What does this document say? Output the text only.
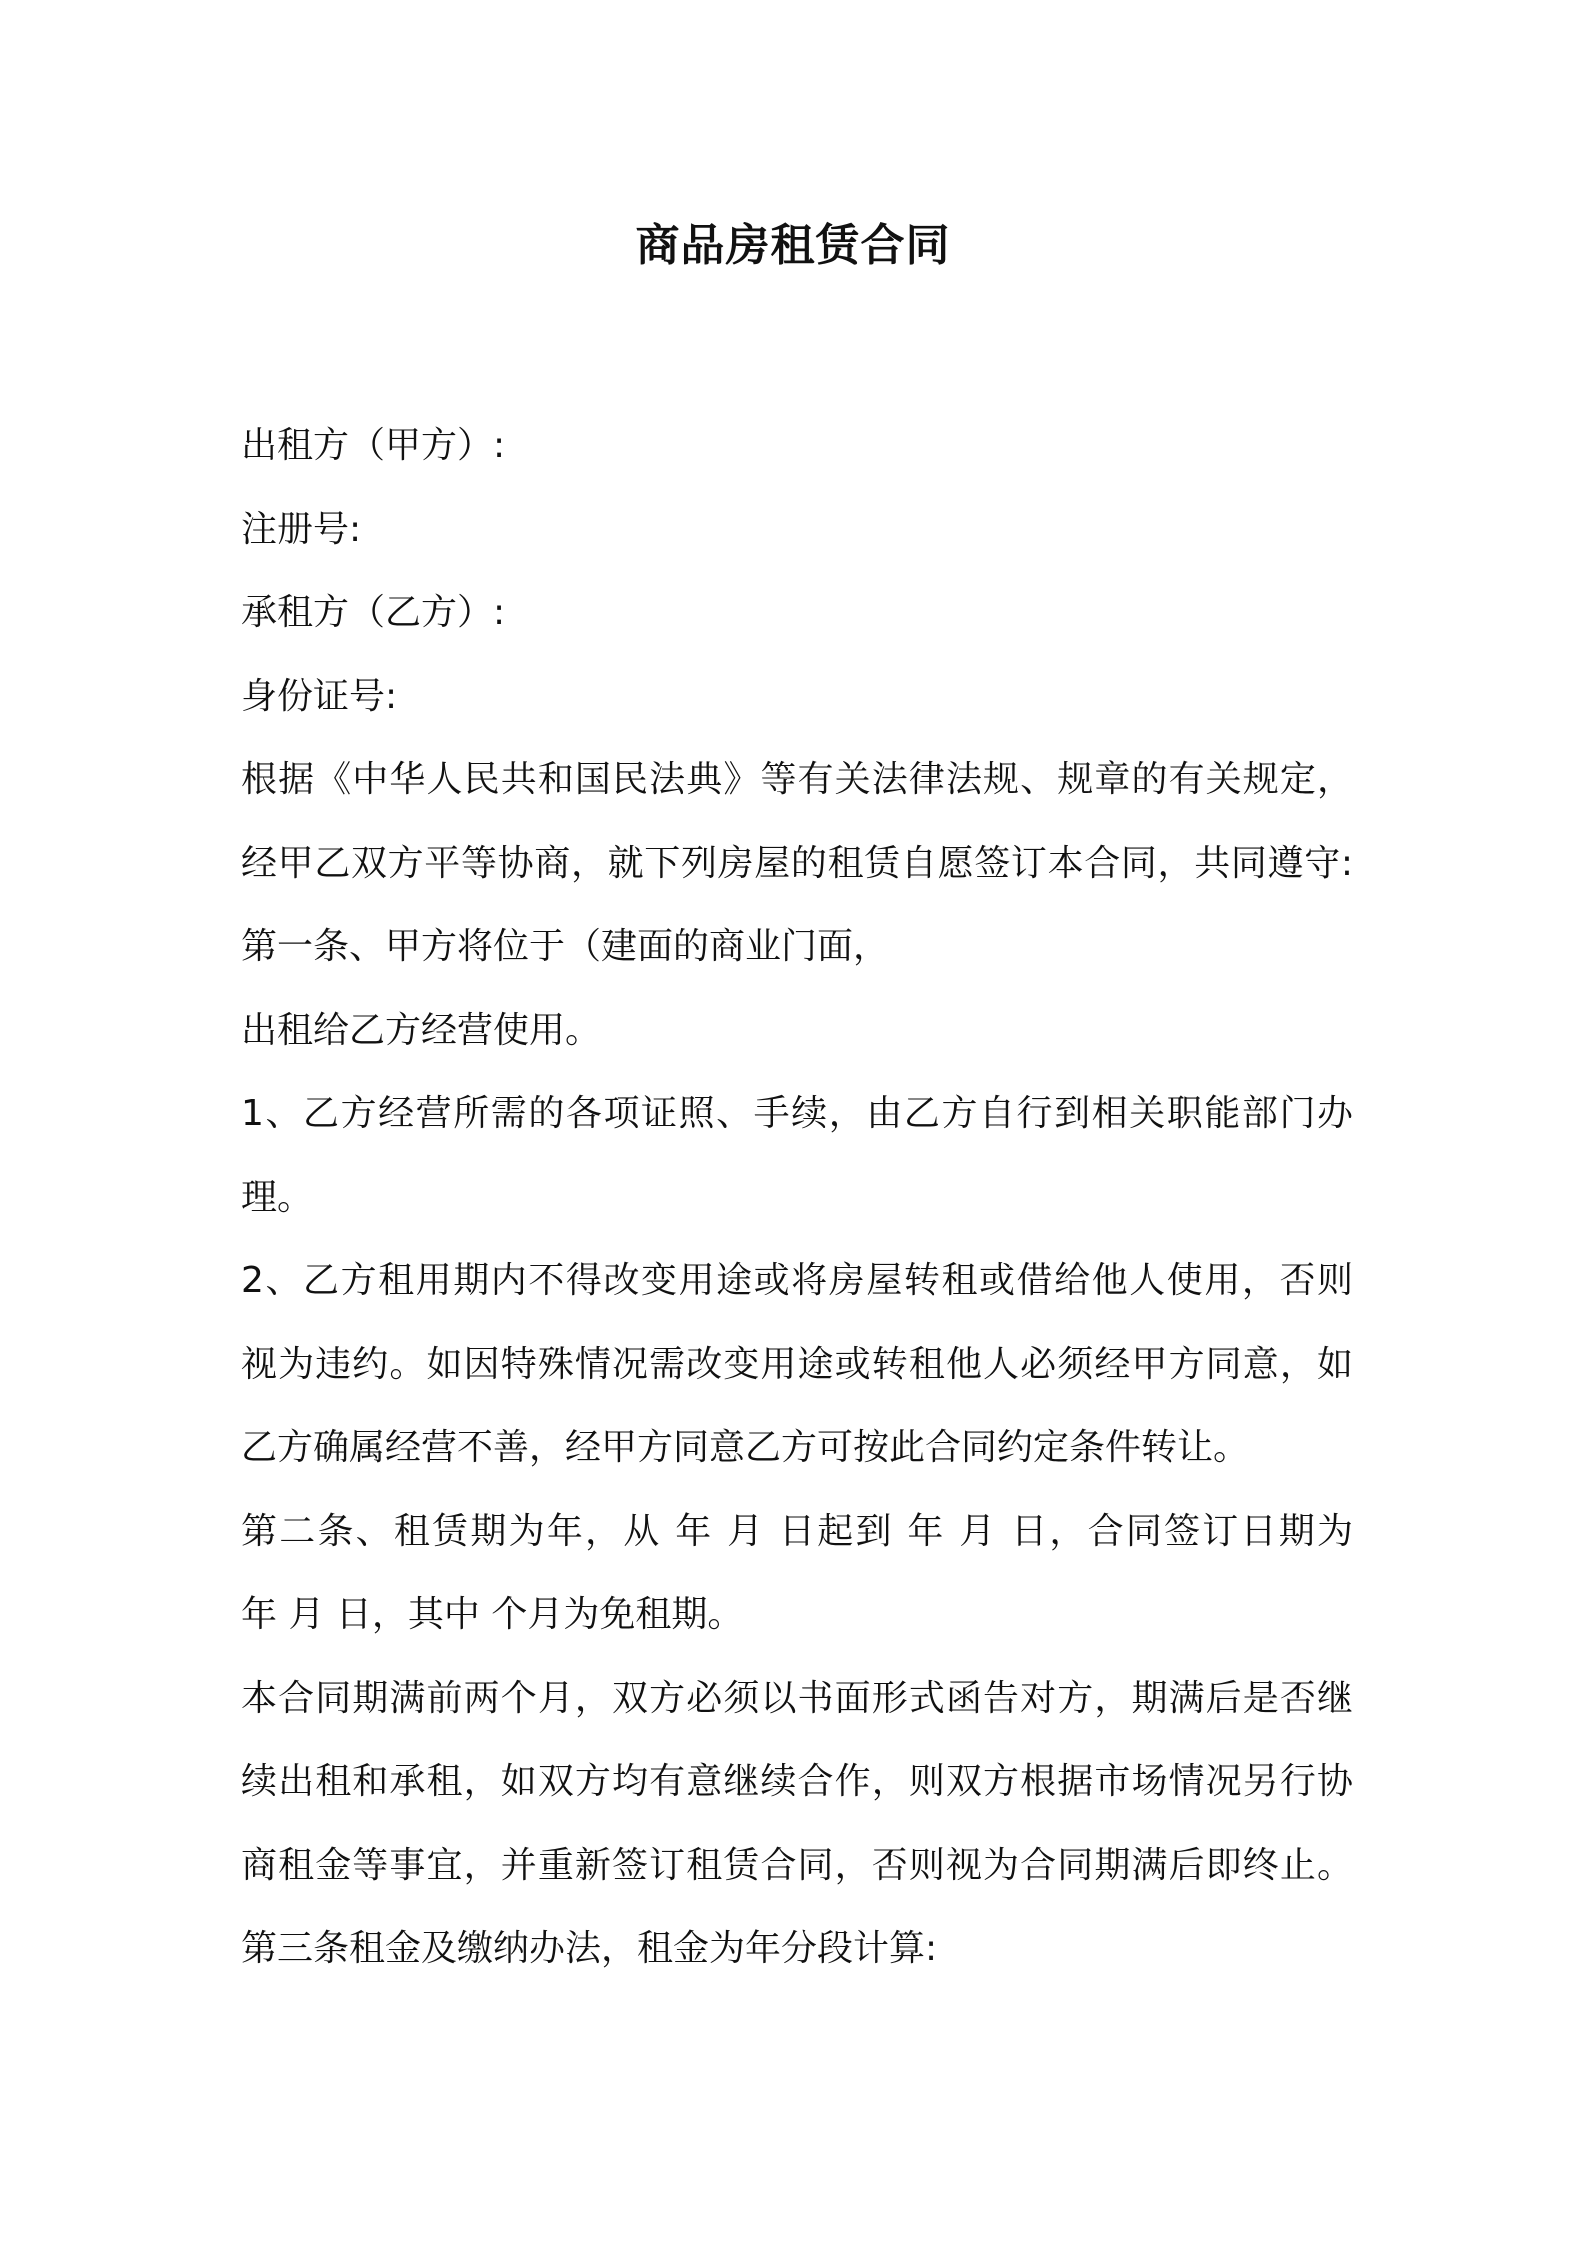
商品房租赁合同

出租方（甲方）:

注册号:

承租方（乙方）:

身份证号:

根据《中华人民共和国民法典》等有关法律法规、规章的有关规定，

经甲乙双方平等协商，就下列房屋的租赁自愿签订本合同，共同遵守:

第一条、甲方将位于（建面的商业门面，

出租给乙方经营使用。

1、乙方经营所需的各项证照、手续，由乙方自行到相关职能部门办

理。

2、乙方租用期内不得改变用途或将房屋转租或借给他人使用，否则

视为违约。如因特殊情况需改变用途或转租他人必须经甲方同意，如

乙方确属经营不善，经甲方同意乙方可按此合同约定条件转让。

第二条、租赁期为年，从 年 月 日起到 年 月 日，合同签订日期为

年 月 日，其中 个月为免租期。

本合同期满前两个月，双方必须以书面形式函告对方，期满后是否继

续出租和承租，如双方均有意继续合作，则双方根据市场情况另行协

商租金等事宜，并重新签订租赁合同，否则视为合同期满后即终止。

第三条租金及缴纳办法，租金为年分段计算:
